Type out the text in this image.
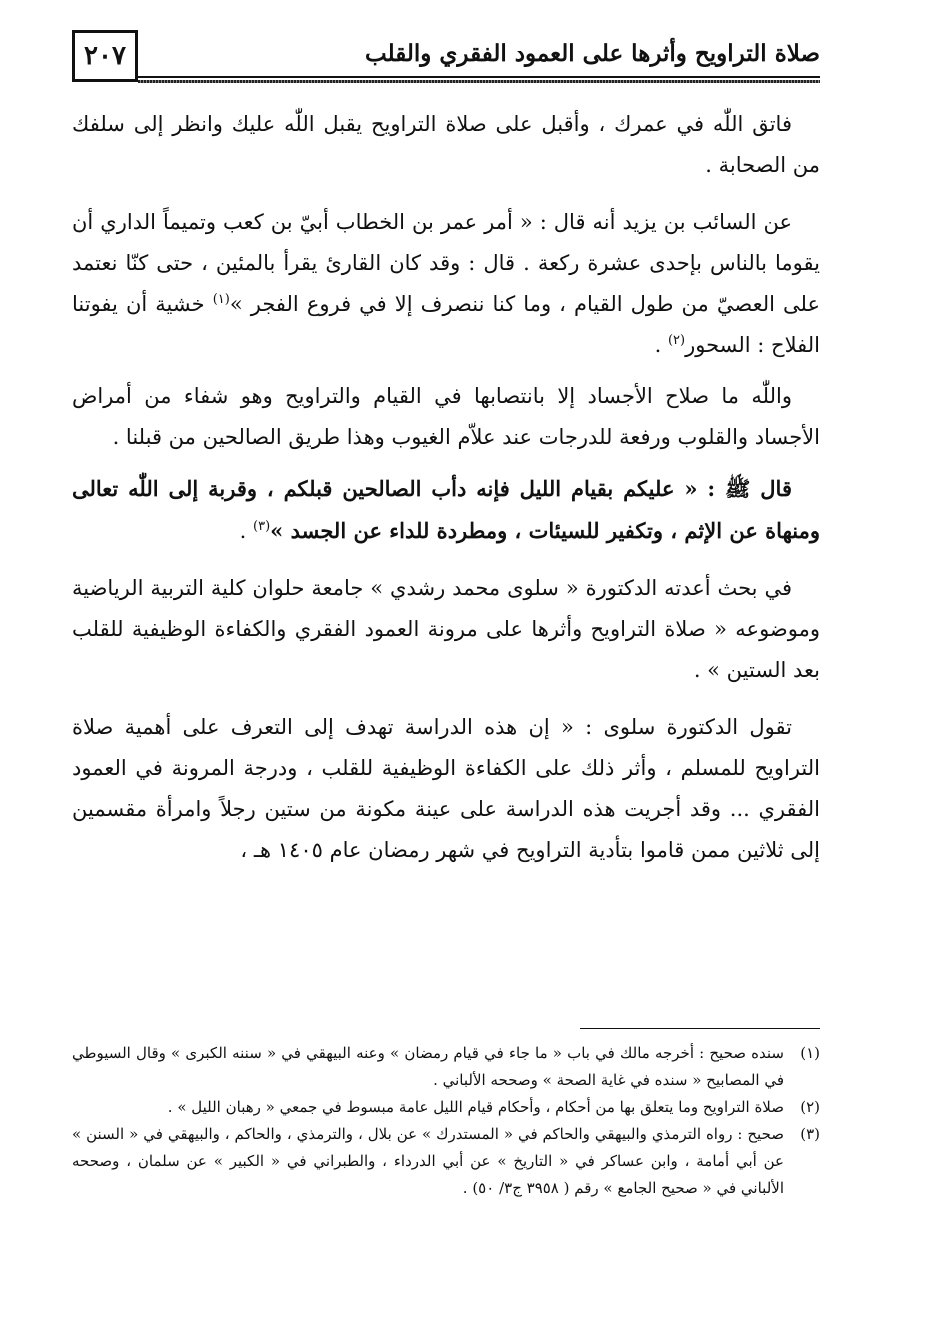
٢٠٧	صلاة التراويح وأثرها على العمود الفقري والقلب

فاتق اللّٰه في عمرك ، وأقبل على صلاة التراويح يقبل اللّٰه عليك وانظر إلى سلفك من الصحابة .

عن السائب بن يزيد أنه قال : « أمر عمر بن الخطاب أبيّ بن كعب وتميماً الداري أن يقوما بالناس بإحدى عشرة ركعة . قال : وقد كان القارئ يقرأ بالمئين ، حتى كنّا نعتمد على العصيّ من طول القيام ، وما كنا ننصرف إلا في فروع الفجر »$^{(١)}$ خشية أن يفوتنا الفلاح : السحور$^{(٢)}$ .

واللّٰه ما صلاح الأجساد إلا بانتصابها في القيام والتراويح وهو شفاء من أمراض الأجساد والقلوب ورفعة للدرجات عند علاّم الغيوب وهذا طريق الصالحين من قبلنا .

قال ﷺ : « عليكم بقيام الليل فإنه دأب الصالحين قبلكم ، وقربة إلى اللّٰه تعالى ومنهاة عن الإثم ، وتكفير للسيئات ، ومطردة للداء عن الجسد »$^{(٣)}$ .

في بحث أعدته الدكتورة « سلوى محمد رشدي » جامعة حلوان كلية التربية الرياضية وموضوعه « صلاة التراويح وأثرها على مرونة العمود الفقري والكفاءة الوظيفية للقلب بعد الستين » .

تقول الدكتورة سلوى : « إن هذه الدراسة تهدف إلى التعرف على أهمية صلاة التراويح للمسلم ، وأثر ذلك على الكفاءة الوظيفية للقلب ، ودرجة المرونة في العمود الفقري ... وقد أجريت هذه الدراسة على عينة مكونة من ستين رجلاً وامرأة مقسمين إلى ثلاثين ممن قاموا بتأدية التراويح في شهر رمضان عام ١٤٠٥ هـ ،

(١)
سنده صحيح : أخرجه مالك في باب « ما جاء في قيام رمضان » وعنه البيهقي في « سننه الكبرى » وقال السيوطي في المصابيح « سنده في غاية الصحة » وصححه الألباني .
(٢)
صلاة التراويح وما يتعلق بها من أحكام ، وأحكام قيام الليل عامة مبسوط في جمعي « رهبان الليل » .
(٣)
صحيح : رواه الترمذي والبيهقي والحاكم في « المستدرك » عن بلال ، والترمذي ، والحاكم ، والبيهقي في « السنن » عن أبي أمامة ، وابن عساكر في « التاريخ » عن أبي الدرداء ، والطبراني في « الكبير » عن سلمان ، وصححه الألباني في « صحيح الجامع » رقم ( ٣٩٥٨ ج٣/ ٥٠) .
